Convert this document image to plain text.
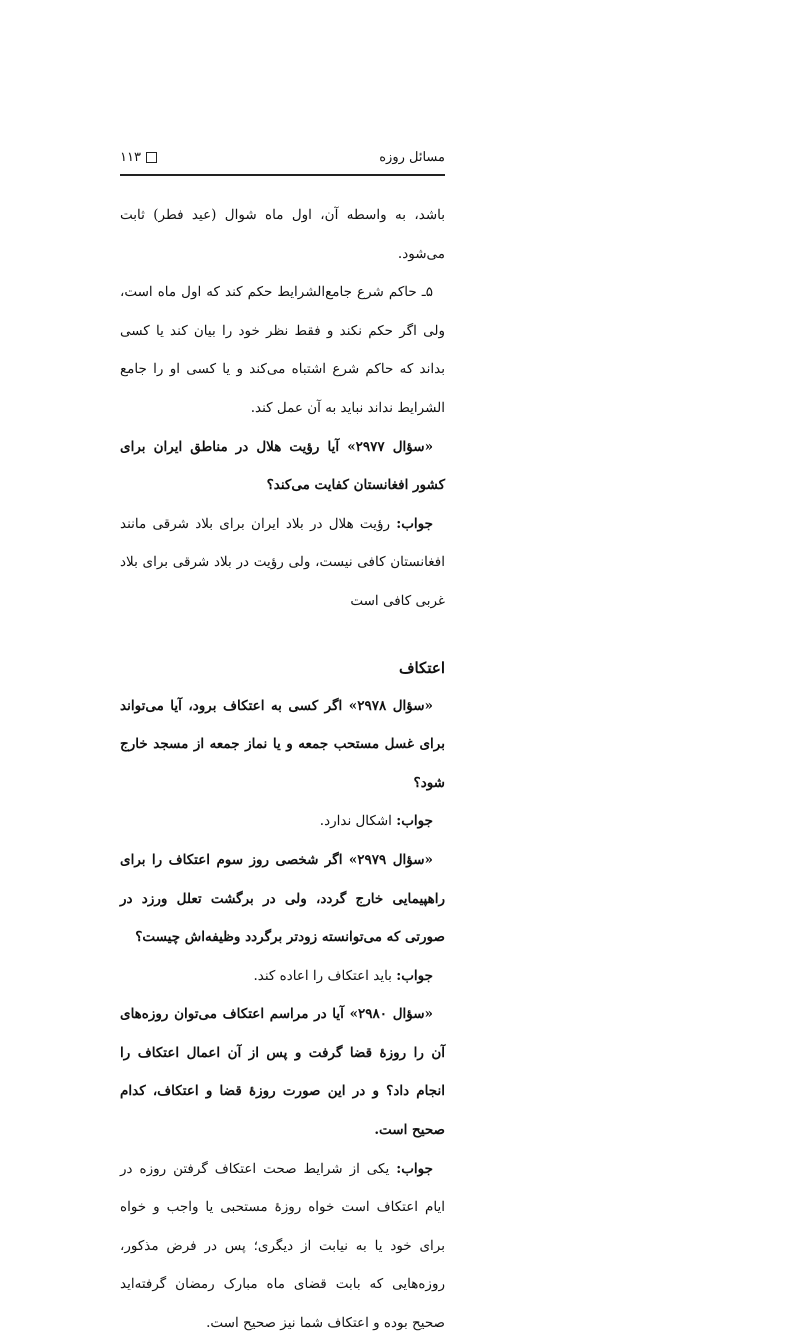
مسائل روزه
۱۱۳

باشد، به واسطه آن، اول ماه شوال (عید فطر) ثابت می‌شود.

۵ـ حاکم شرع جامع‌الشرایط حکم کند که اول ماه است، ولی اگر حکم نکند و فقط نظر خود را بیان کند یا کسی بداند که حاکم شرع اشتباه می‌کند و یا کسی او را جامع الشرایط نداند نباید به آن عمل کند.

«سؤال ۲۹۷۷» آیا رؤیت هلال در مناطق ایران برای کشور افغانستان کفایت می‌کند؟

جواب: رؤیت هلال در بلاد ایران برای بلاد شرقی مانند افغانستان کافی نیست، ولی رؤیت در بلاد شرقی برای بلاد غربی کافی است

اعتکاف

«سؤال ۲۹۷۸» اگر کسی به اعتکاف برود، آیا می‌تواند برای غسل مستحب جمعه و یا نماز جمعه از مسجد خارج شود؟

جواب: اشکال ندارد.

«سؤال ۲۹۷۹» اگر شخصی روز سوم اعتکاف را برای راهپیمایی خارج گردد، ولی در برگشت تعلل ورزد در صورتی که می‌توانسته زودتر برگردد وظیفه‌اش چیست؟

جواب: باید اعتکاف را اعاده کند.

«سؤال ۲۹۸۰» آیا در مراسم اعتکاف می‌توان روزه‌های آن را روزهٔ قضا گرفت و پس از آن اعمال اعتکاف را انجام داد؟ و در این صورت روزهٔ قضا و اعتکاف، کدام صحیح است.

جواب: یکی از شرایط صحت اعتکاف گرفتن روزه در ایام اعتکاف است خواه روزهٔ مستحبی یا واجب و خواه برای خود یا به نیابت از دیگری؛ پس در فرض مذکور، روزه‌هایی که بابت قضای ماه مبارک رمضان گرفته‌اید صحیح بوده و اعتکاف شما نیز صحیح است.
